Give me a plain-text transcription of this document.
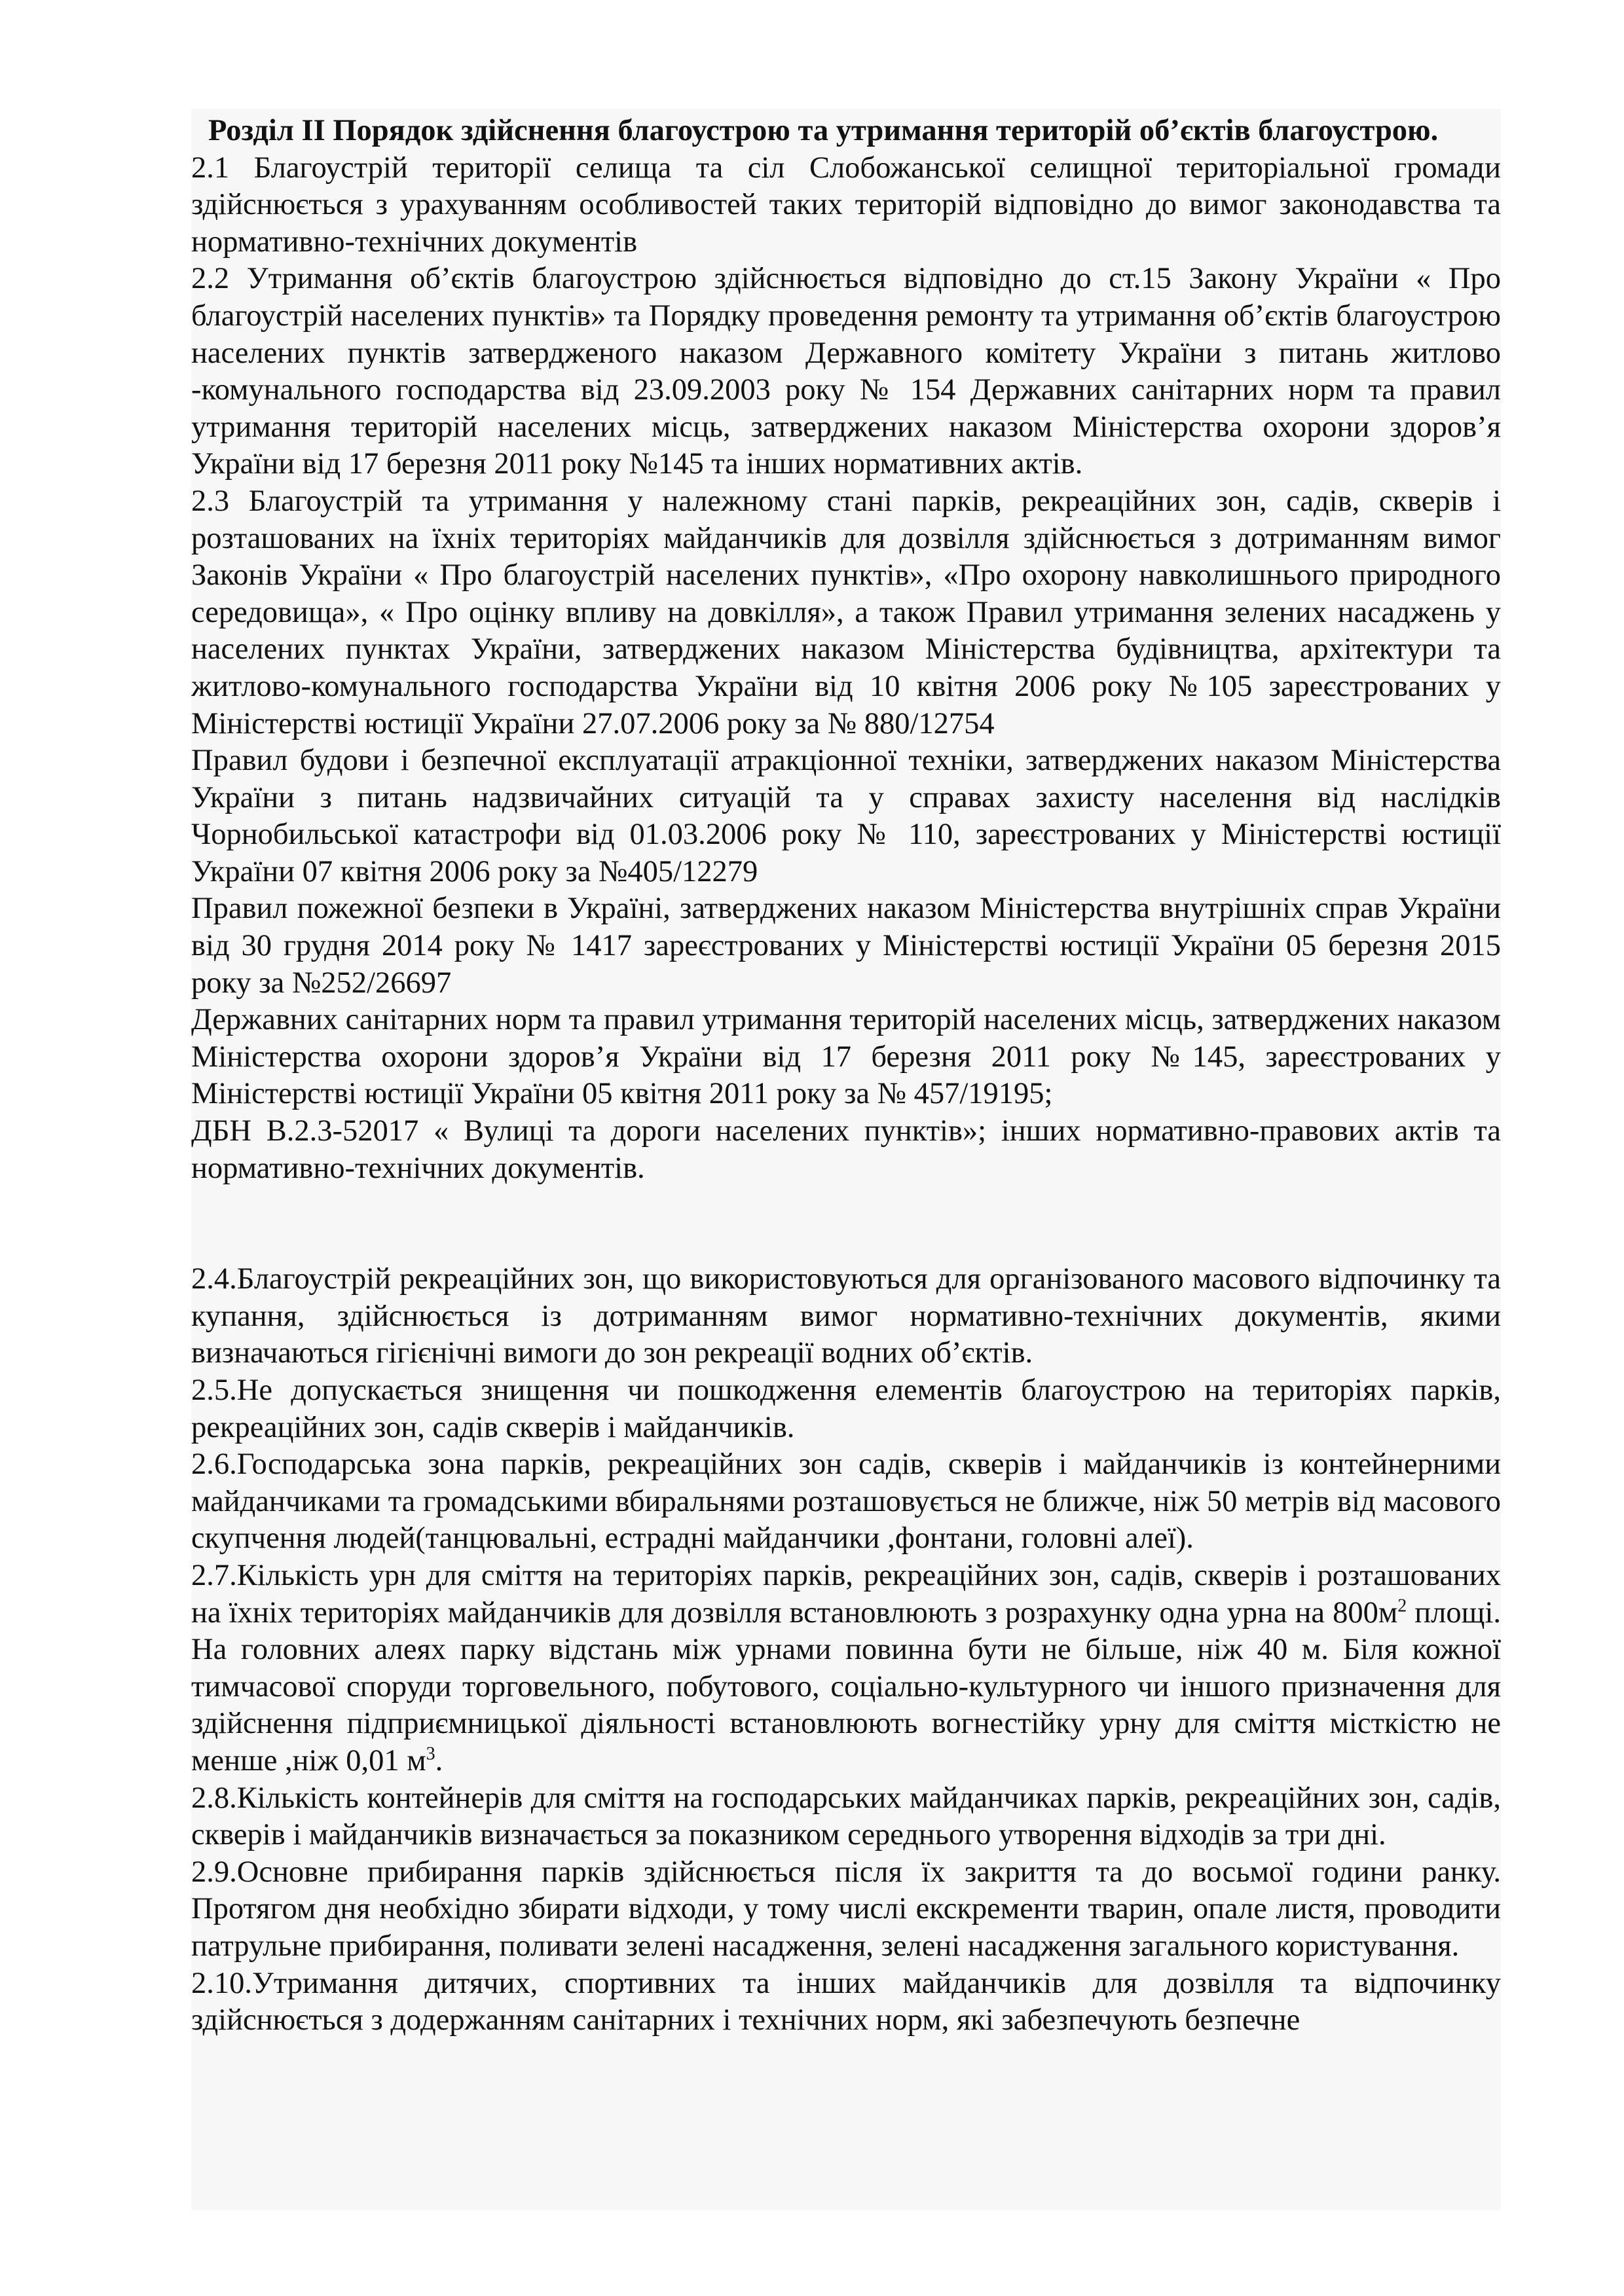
Розділ ІІ Порядок здійснення благоустрою та утримання територій об’єктів благоустрою.

2.1 Благоустрій території селища та сіл Слобожанської селищної територіальної громади здійснюється з урахуванням особливостей таких територій відповідно до вимог законодавства та нормативно-технічних документів

2.2 Утримання об’єктів благоустрою здійснюється відповідно до ст.15 Закону України « Про благоустрій населених пунктів» та Порядку проведення ремонту та утримання об’єктів благоустрою населених пунктів затвердженого наказом Державного комітету України з питань житлово -комунального господарства від 23.09.2003 року № 154 Державних санітарних норм та правил утримання територій населених місць, затверджених наказом Міністерства охорони здоров’я України від 17 березня 2011 року №145 та інших нормативних актів.

2.3 Благоустрій та утримання у належному стані парків, рекреаційних зон, садів, скверів і розташованих на їхніх територіях майданчиків для дозвілля здійснюється з дотриманням вимог Законів України « Про благоустрій населених пунктів», «Про охорону навколишнього природного середовища», « Про оцінку впливу на довкілля», а також Правил утримання зелених насаджень у населених пунктах України, затверджених наказом Міністерства будівництва, архітектури та житлово-комунального господарства України від 10 квітня 2006 року №105 зареєстрованих у Міністерстві юстиції України 27.07.2006 року за № 880/12754

Правил будови і безпечної експлуатації атракціонної техніки, затверджених наказом Міністерства України з питань надзвичайних ситуацій та у справах захисту населення від наслідків Чорнобильської катастрофи від 01.03.2006 року № 110, зареєстрованих у Міністерстві юстиції України 07 квітня 2006 року за №405/12279

Правил пожежної безпеки в Україні, затверджених наказом Міністерства внутрішніх справ України від 30 грудня 2014 року № 1417 зареєстрованих у Міністерстві юстиції України 05 березня 2015 року за №252/26697

Державних санітарних норм та правил утримання територій населених місць, затверджених наказом Міністерства охорони здоров’я України від 17 березня 2011 року №145, зареєстрованих у Міністерстві юстиції України 05 квітня 2011 року за № 457/19195;

ДБН В.2.3-52017 « Вулиці та дороги населених пунктів»; інших нормативно-правових актів та нормативно-технічних документів.

2.4.Благоустрій рекреаційних зон, що використовуються для організованого масового відпочинку та купання, здійснюється із дотриманням вимог нормативно-технічних документів, якими визначаються гігієнічні вимоги до зон рекреації водних об’єктів.

2.5.Не допускається знищення чи пошкодження елементів благоустрою на територіях парків, рекреаційних зон, садів скверів і майданчиків.

2.6.Господарська зона парків, рекреаційних зон садів, скверів і майданчиків із контейнерними майданчиками та громадськими вбиральнями розташовується не ближче, ніж 50 метрів від масового скупчення людей(танцювальні, естрадні майданчики ,фонтани, головні алеї).

2.7.Кількість урн для сміття на територіях парків, рекреаційних зон, садів, скверів і розташованих на їхніх територіях майданчиків для дозвілля встановлюють з розрахунку одна урна на $800м^2$ площі. На головних алеях парку відстань між урнами повинна бути не більше, ніж 40 м. Біля кожної тимчасової споруди торговельного, побутового, соціально-культурного чи іншого призначення для здійснення підприємницької діяльності встановлюють вогнестійку урну для сміття місткістю не менше ,ніж 0,01 $м^3$.

2.8.Кількість контейнерів для сміття на господарських майданчиках парків, рекреаційних зон, садів, скверів і майданчиків визначається за показником середнього утворення відходів за три дні.

2.9.Основне прибирання парків здійснюється після їх закриття та до восьмої години ранку. Протягом дня необхідно збирати відходи, у тому числі екскременти тварин, опале листя, проводити патрульне прибирання, поливати зелені насадження, зелені насадження загального користування.

2.10.Утримання дитячих, спортивних та інших майданчиків для дозвілля та відпочинку здійснюється з додержанням санітарних і технічних норм, які забезпечують безпечне
